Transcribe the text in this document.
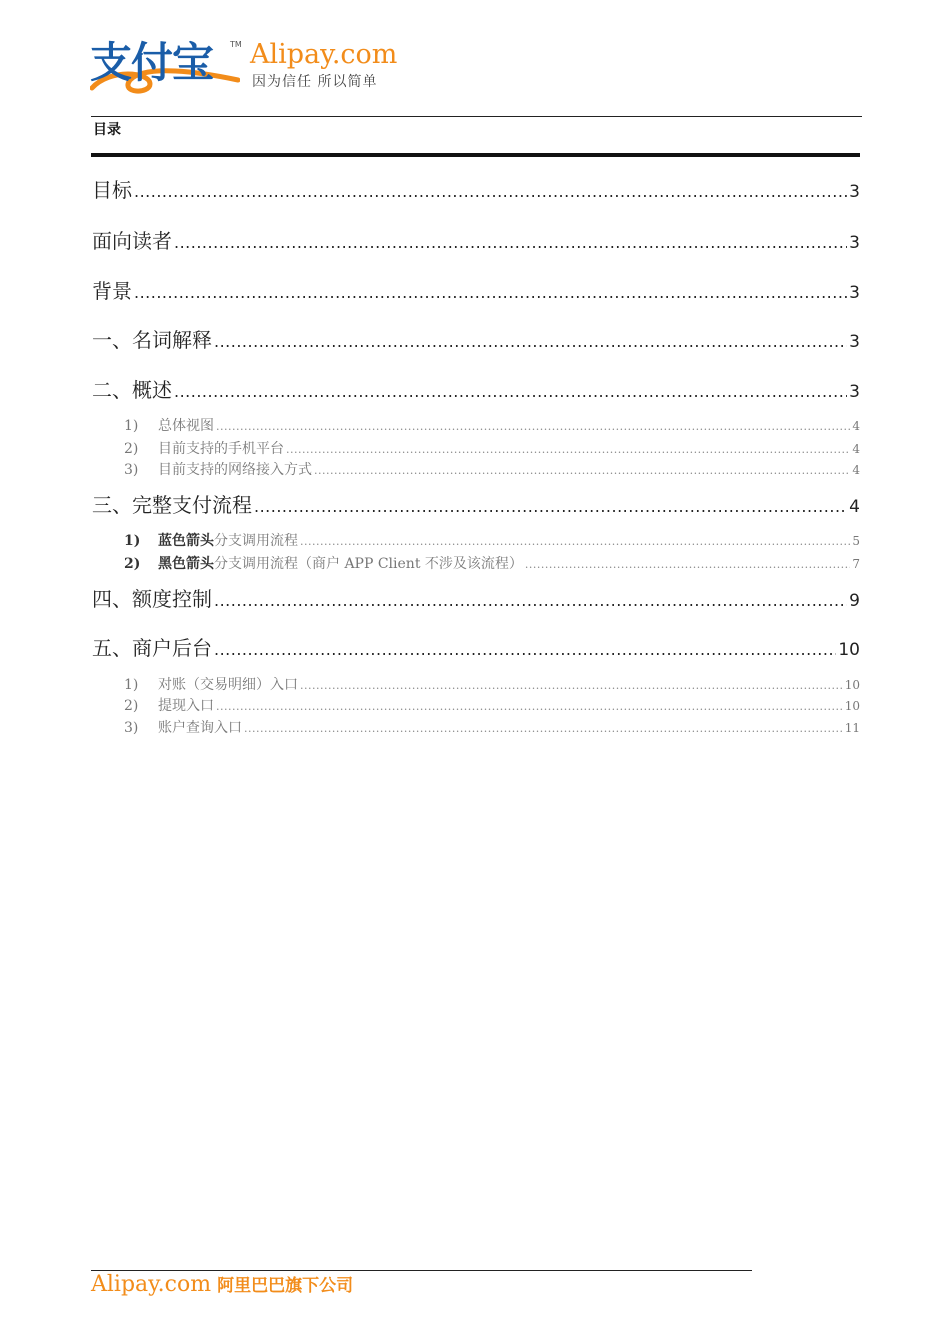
支付宝 TM Alipay.com
因为信任 所以简单
目录
目标 .....	3
面向读者 .....	3
背景 .....	3
一、名词解释 .....	3
二、概述 .....	3
1)	总体视图 .....	4
2)	目前支持的手机平台 .....	4
3)	目前支持的网络接入方式 .....	4
三、完整支付流程 .....	4
1)	蓝色箭头分支调用流程 .....	5
2)	黑色箭头分支调用流程（商户 APP Client 不涉及该流程） .....	7
四、额度控制 .....	9
五、商户后台 .....	10
1)	对账（交易明细）入口 .....	10
2)	提现入口 .....	10
3)	账户查询入口 .....	11
Alipay.com 阿里巴巴旗下公司
